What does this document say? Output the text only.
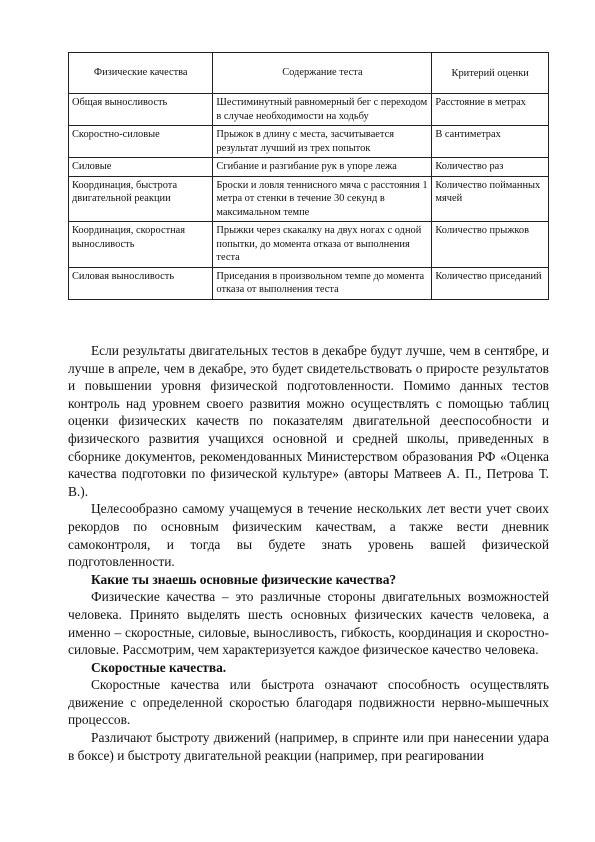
Физические качества	Содержание теста	Критерий оценки
Общая выносливость	Шестиминутный равномерный бег с переходом в случае необходимости на ходьбу	Расстояние в метрах
Скоростно-силовые	Прыжок в длину с места, засчитывается результат лучший из трех попыток	В сантиметрах
Силовые	Сгибание и разгибание рук в упоре лежа	Количество раз
Координация, быстрота двигательной реакции	Броски и ловля теннисного мяча с расстояния 1 метра от стенки в течение 30 секунд в максимальном темпе	Количество пойманных мячей
Координация, скоростная выносливость	Прыжки через скакалку на двух ногах с одной попытки, до момента отказа от выполнения теста	Количество прыжков
Силовая выносливость	Приседания в произвольном темпе до момента отказа от выполнения теста	Количество приседаний

Если результаты двигательных тестов в декабре будут лучше, чем в сентябре, и лучше в апреле, чем в декабре, это будет свидетельствовать о приросте результатов и повышении уровня физической подготовленности. Помимо данных тестов контроль над уровнем своего развития можно осуществлять с помощью таблиц оценки физических качеств по показателям двигательной дееспособности и физического развития учащихся основной и средней школы, приведенных в сборнике документов, рекомендованных Министерством образования РФ «Оценка качества подготовки по физической культуре» (авторы Матвеев А. П., Петрова Т. В.).

Целесообразно самому учащемуся в течение нескольких лет вести учет своих рекордов по основным физическим качествам, а также вести дневник самоконтроля, и тогда вы будете знать уровень вашей физической подготовленности.

Какие ты знаешь основные физические качества?

Физические качества – это различные стороны двигательных возможностей человека. Принято выделять шесть основных физических качеств человека, а именно – скоростные, силовые, выносливость, гибкость, координация и скоростно-силовые. Рассмотрим, чем характеризуется каждое физическое качество человека.

Скоростные качества.

Скоростные качества или быстрота означают способность осуществлять движение с определенной скоростью благодаря подвижности нервно-мышечных процессов.

Различают быстроту движений (например, в спринте или при нанесении удара в боксе) и быстроту двигательной реакции (например, при реагировании
